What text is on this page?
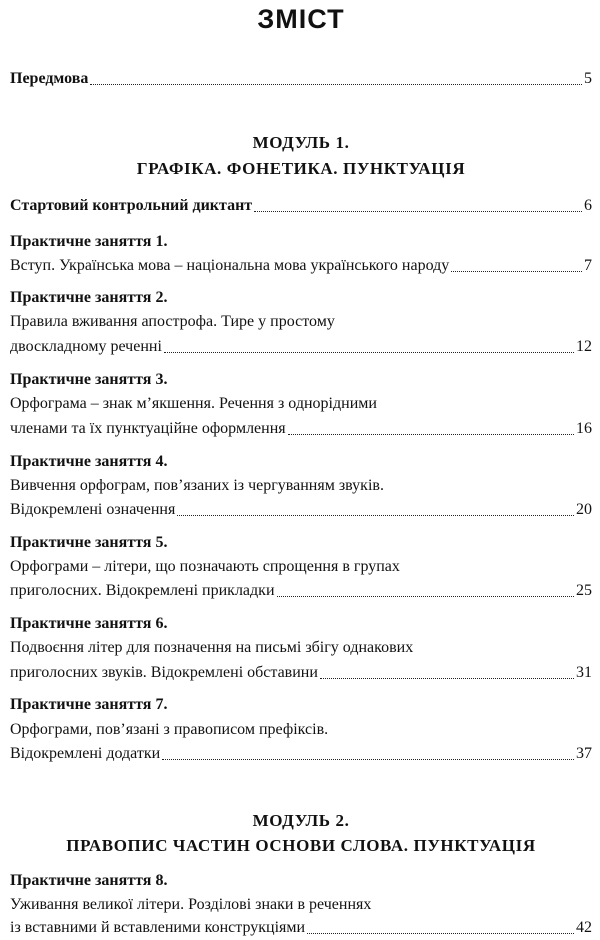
ЗМІСТ
Передмова	5
МОДУЛЬ 1.
ГРАФІКА. ФОНЕТИКА. ПУНКТУАЦІЯ
Стартовий контрольний диктант	6
Практичне заняття 1.
Вступ. Українська мова – національна мова українського народу	7
Практичне заняття 2.
Правила вживання апострофа. Тире у простому
двоскладному реченні	12
Практичне заняття 3.
Орфограма – знак м’якшення. Речення з однорідними
членами та їх пунктуаційне оформлення	16
Практичне заняття 4.
Вивчення орфограм, пов’язаних із чергуванням звуків.
Відокремлені означення	20
Практичне заняття 5.
Орфограми – літери, що позначають спрощення в групах
приголосних. Відокремлені прикладки	25
Практичне заняття 6.
Подвоєння літер для позначення на письмі збігу однакових
приголосних звуків. Відокремлені обставини	31
Практичне заняття 7.
Орфограми, пов’язані з правописом префіксів.
Відокремлені додатки	37
МОДУЛЬ 2.
ПРАВОПИС ЧАСТИН ОСНОВИ СЛОВА. ПУНКТУАЦІЯ
Практичне заняття 8.
Уживання великої літери. Розділові знаки в реченнях
із вставними й вставленими конструкціями	42
